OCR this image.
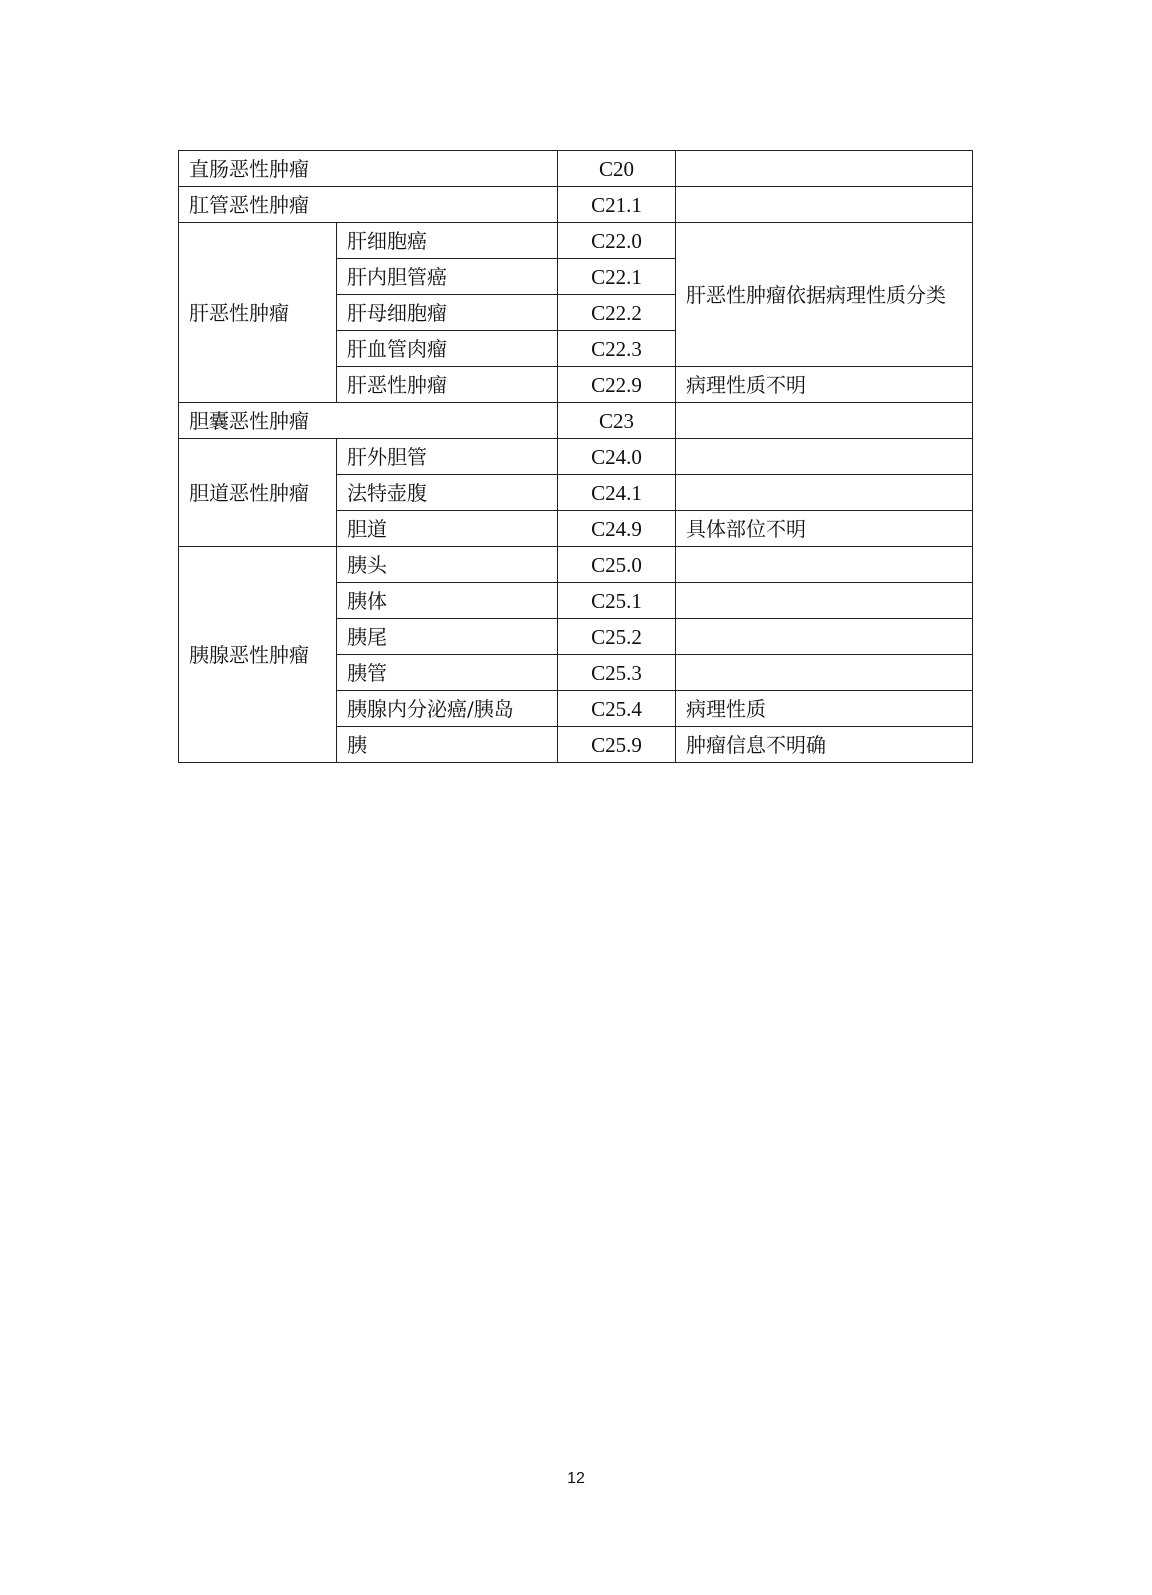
直肠恶性肿瘤		C20	
肛管恶性肿瘤		C21.1	
肝恶性肿瘤	肝细胞癌	C22.0	肝恶性肿瘤依据病理性质分类
	肝内胆管癌	C22.1	
	肝母细胞瘤	C22.2	
	肝血管肉瘤	C22.3	
	肝恶性肿瘤	C22.9	病理性质不明
胆囊恶性肿瘤		C23	
胆道恶性肿瘤	肝外胆管	C24.0	
	法特壶腹	C24.1	
	胆道	C24.9	具体部位不明
胰腺恶性肿瘤	胰头	C25.0	
	胰体	C25.1	
	胰尾	C25.2	
	胰管	C25.3	
	胰腺内分泌癌/胰岛	C25.4	病理性质
	胰	C25.9	肿瘤信息不明确
12
